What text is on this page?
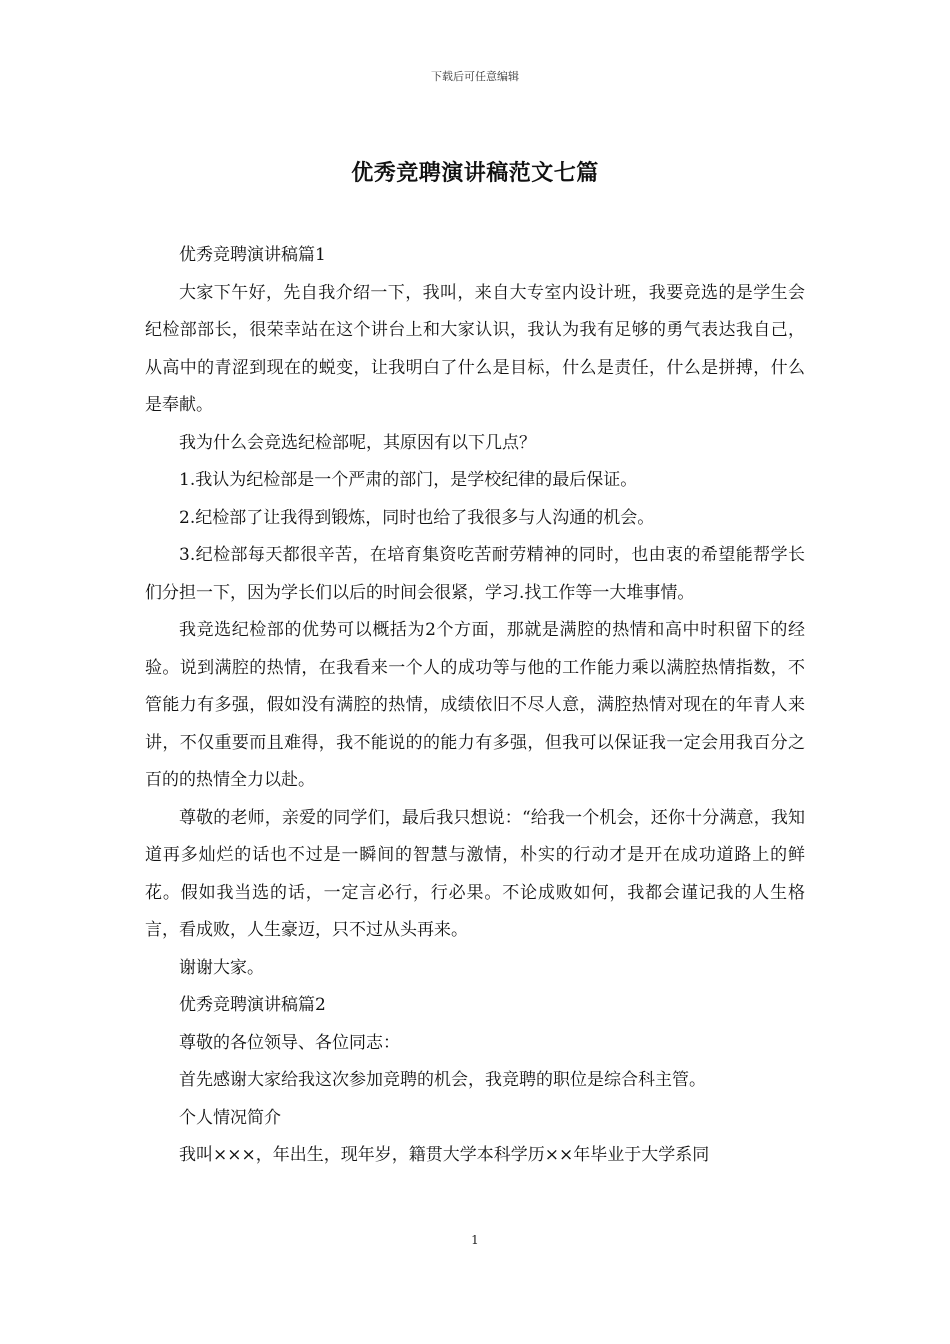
下载后可任意编辑
优秀竞聘演讲稿范文七篇

优秀竞聘演讲稿篇1

大家下午好，先自我介绍一下，我叫，来自大专室内设计班，我要竞选的是学生会纪检部部长，很荣幸站在这个讲台上和大家认识，我认为我有足够的勇气表达我自己，从高中的青涩到现在的蜕变，让我明白了什么是目标，什么是责任，什么是拼搏，什么是奉献。

我为什么会竞选纪检部呢，其原因有以下几点？

1.我认为纪检部是一个严肃的部门，是学校纪律的最后保证。

2.纪检部了让我得到锻炼，同时也给了我很多与人沟通的机会。

3.纪检部每天都很辛苦，在培育集资吃苦耐劳精神的同时，也由衷的希望能帮学长们分担一下，因为学长们以后的时间会很紧，学习.找工作等一大堆事情。

我竞选纪检部的优势可以概括为2个方面，那就是满腔的热情和高中时积留下的经验。说到满腔的热情，在我看来一个人的成功等与他的工作能力乘以满腔热情指数，不管能力有多强，假如没有满腔的热情，成绩依旧不尽人意，满腔热情对现在的年青人来讲，不仅重要而且难得，我不能说的的能力有多强，但我可以保证我一定会用我百分之百的的热情全力以赴。

尊敬的老师，亲爱的同学们，最后我只想说：“给我一个机会，还你十分满意，我知道再多灿烂的话也不过是一瞬间的智慧与激情，朴实的行动才是开在成功道路上的鲜花。假如我当选的话，一定言必行，行必果。不论成败如何，我都会谨记我的人生格言，看成败，人生豪迈，只不过从头再来。

谢谢大家。

优秀竞聘演讲稿篇2

尊敬的各位领导、各位同志：

首先感谢大家给我这次参加竞聘的机会，我竞聘的职位是综合科主管。

个人情况简介

我叫×××，年出生，现年岁，籍贯大学本科学历××年毕业于大学系同

1
